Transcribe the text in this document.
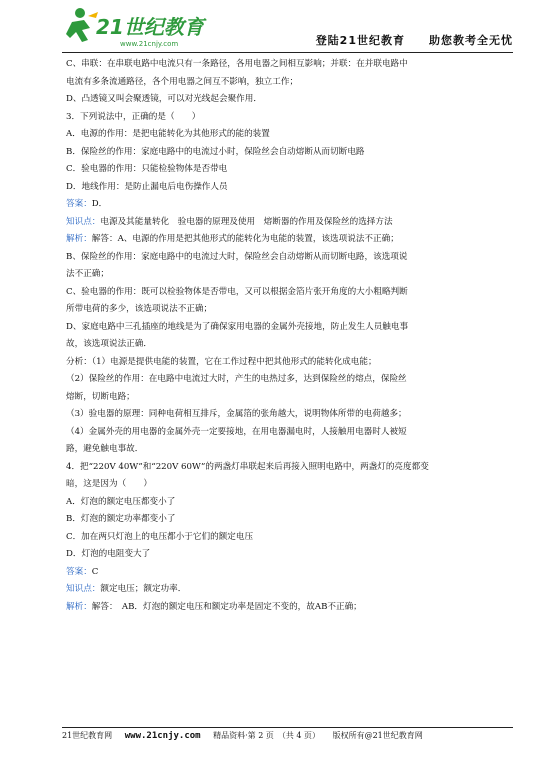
21世纪教育
www.21cnjy.com	登陆21世纪教育　　助您教考全无忧
C、串联：在串联电路中电流只有一条路径，各用电器之间相互影响；并联：在并联电路中
电流有多条流通路径，各个用电器之间互不影响，独立工作；
D、凸透镜又叫会聚透镜，可以对光线起会聚作用．
3．下列说法中，正确的是（　　）
A．电源的作用：是把电能转化为其他形式的能的装置
B．保险丝的作用：家庭电路中的电流过小时，保险丝会自动熔断从而切断电路
C．验电器的作用：只能检验物体是否带电
D．地线作用：是防止漏电后电伤操作人员
答案：D．
知识点：电源及其能量转化　验电器的原理及使用　熔断器的作用及保险丝的选择方法
解析：解答：A、电源的作用是把其他形式的能转化为电能的装置，该选项说法不正确；
B、保险丝的作用：家庭电路中的电流过大时，保险丝会自动熔断从而切断电路，该选项说
法不正确；
C、验电器的作用：既可以检验物体是否带电，又可以根据金箔片张开角度的大小粗略判断
所带电荷的多少，该选项说法不正确；
D、家庭电路中三孔插座的地线是为了确保家用电器的金属外壳接地，防止发生人员触电事
故，该选项说法正确．
分析：（1）电源是提供电能的装置，它在工作过程中把其他形式的能转化成电能；
（2）保险丝的作用：在电路中电流过大时，产生的电热过多，达到保险丝的熔点，保险丝
熔断，切断电路；
（3）验电器的原理：同种电荷相互排斥，金属箔的张角越大，说明物体所带的电荷越多；
（4）金属外壳的用电器的金属外壳一定要接地，在用电器漏电时，人接触用电器时人被短
路，避免触电事故．
4．把“220V 40W”和“220V 60W”的两盏灯串联起来后再接入照明电路中，两盏灯的亮度都变
暗，这是因为（　　）
A．灯泡的额定电压都变小了
B．灯泡的额定功率都变小了
C．加在两只灯泡上的电压都小于它们的额定电压
D．灯泡的电阻变大了
答案：C
知识点：额定电压；额定功率．
解析：解答：　AB．灯泡的额定电压和额定功率是固定不变的，故AB不正确；
21世纪教育网 www.21cnjy.com 精品资料·第 2 页　（共 4 页） 版权所有@21世纪教育网
